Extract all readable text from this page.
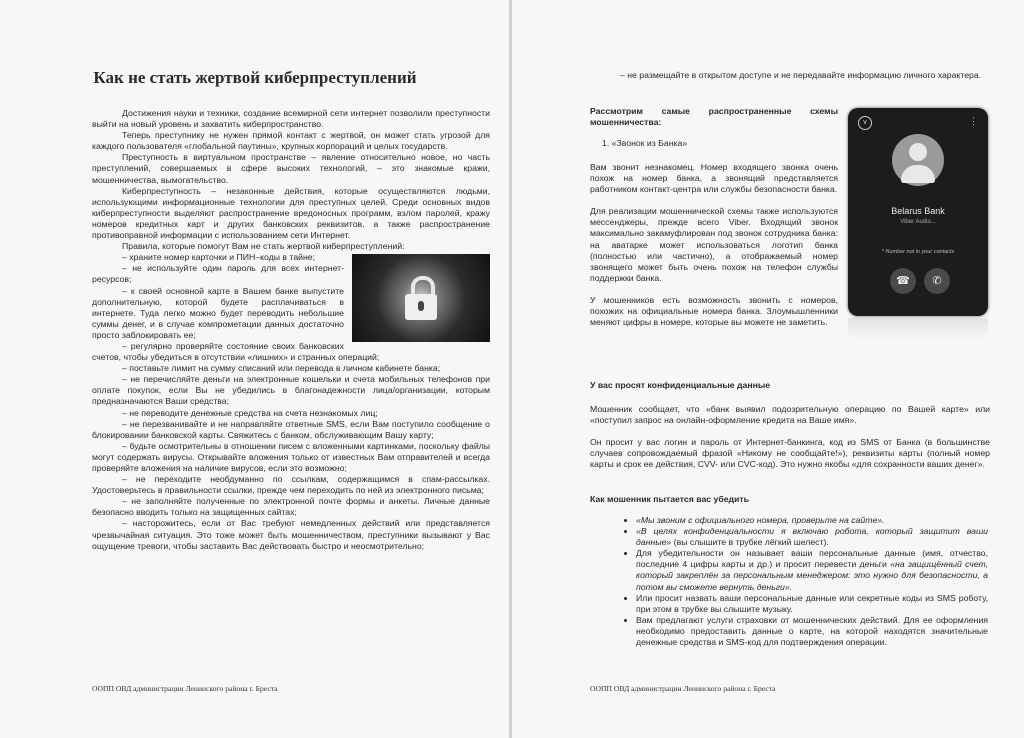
Как не стать жертвой киберпреступлений

Достижения науки и техники, создание всемирной сети интернет позволили преступности выйти на новый уровень и захватить киберпространство.

Теперь преступнику не нужен прямой контакт с жертвой, он может стать угрозой для каждого пользователя «глобальной паутины», крупных корпораций и целых государств.

Преступность в виртуальном пространстве – явление относительно новое, но часть преступлений, совершаемых в сфере высоких технологий, – это знакомые кражи, мошенничества, вымогательство.

Киберпреступность – незаконные действия, которые осуществляются людьми, использующими информационные технологии для преступных целей. Среди основных видов киберпреступности выделяют распространение вредоносных программ, взлом паролей, кражу номеров кредитных карт и других банковских реквизитов, а также распространение противоправной информации с использованием сети Интернет.

Правила, которые помогут Вам не стать жертвой киберпреступлений:

– храните номер карточки и ПИН–коды в тайне;

– не используйте один пароль для всех интернет-ресурсов;

– к своей основной карте в Вашем банке выпустите дополнительную, которой будете расплачиваться в интернете. Туда легко можно будет переводить небольшие суммы денег, и в случае компрометации данных достаточно просто заблокировать ее;

– регулярно проверяйте состояние своих банковских счетов, чтобы убедиться в отсутствии «лишних» и странных операций;

– поставьте лимит на сумму списаний или перевода в личном кабинете банка;

– не перечисляйте деньги на электронные кошельки и счета мобильных телефонов при оплате покупок, если Вы не убедились в благонадежности лица/организации, которым предназначаются Ваши средства;

– не переводите денежные средства на счета незнакомых лиц;

– не перезванивайте и не направляйте ответные SMS, если Вам поступило сообщение о блокировании банковской карты. Свяжитесь с банком, обслуживающим Вашу карту;

– будьте осмотрительны в отношении писем с вложенными картинками, поскольку файлы могут содержать вирусы. Открывайте вложения только от известных Вам отправителей и всегда проверяйте вложения на наличие вирусов, если это возможно;

– не переходите необдуманно по ссылкам, содержащимся в спам-рассылках. Удостоверьтесь в правильности ссылки, прежде чем переходить по ней из электронного письма;

– не заполняйте полученные по электронной почте формы и анкеты. Личные данные безопасно вводить только на защищенных сайтах;

– насторожитесь, если от Вас требуют немедленных действий или представляется чрезвычайная ситуация. Это тоже может быть мошенничеством, преступники вызывают у Вас ощущение тревоги, чтобы заставить Вас действовать быстро и неосмотрительно;

ООПП ОВД администрации Ленинского района г. Бреста

– не размещайте в открытом доступе и не передавайте информацию личного характера.

Рассмотрим самые распространенные схемы мошенничества:
1. «Звонок из Банка»

Вам звонит незнакомец. Номер входящего звонка очень похож на номер банка, а звонящий представляется работником контакт-центра или службы безопасности банка.

Для реализации мошеннической схемы также используются мессенджеры, прежде всего Viber. Входящий звонок максимально закамуфлирован под звонок сотрудника банка: на аватарке может использоваться логотип банка (полностью или частично), а отображаемый номер звонящего может быть очень похож на телефон службы поддержки банка.

У мошенников есть возможность звонить с номеров, похожих на официальные номера банка. Злоумышленники меняют цифры в номере, которые вы можете не заметить.

v	⋮
Belarus Bank
Viber Audio...
* Number not in your contacts
☎	✆
У вас просят конфиденциальные данные

Мошенник сообщает, что «банк выявил подозрительную операцию по Вашей карте» или «поступил запрос на онлайн-оформление кредита на Ваше имя».

Он просит у вас логин и пароль от Интернет-банкинга, код из SMS от Банка (в большинстве случаев сопровождаемый фразой «Никому не сообщайте!»), реквизиты карты (полный номер карты и срок ее действия, CVV- или CVC-код). Это нужно якобы «для сохранности ваших денег».

Как мошенник пытается вас убедить
• «Мы звоним с официального номера, проверьте на сайте».
• «В целях конфиденциальности я включаю робота, который защитит ваши данные» (вы слышите в трубке лёгкий шелест).
• Для убедительности он называет ваши персональные данные (имя, отчество, последние 4 цифры карты и др.) и просит перевести деньги «на защищённый счет, который закреплён за персональным менеджером: это нужно для безопасности, а потом вы сможете вернуть деньги».
• Или просит назвать ваши персональные данные или секретные коды из SMS роботу, при этом в трубке вы слышите музыку.
• Вам предлагают услуги страховки от мошеннических действий. Для ее оформления необходимо предоставить данные о карте, на которой находятся значительные денежные средства и SMS-код для подтверждения операции.
ООПП ОВД администрации Ленинского района г. Бреста
